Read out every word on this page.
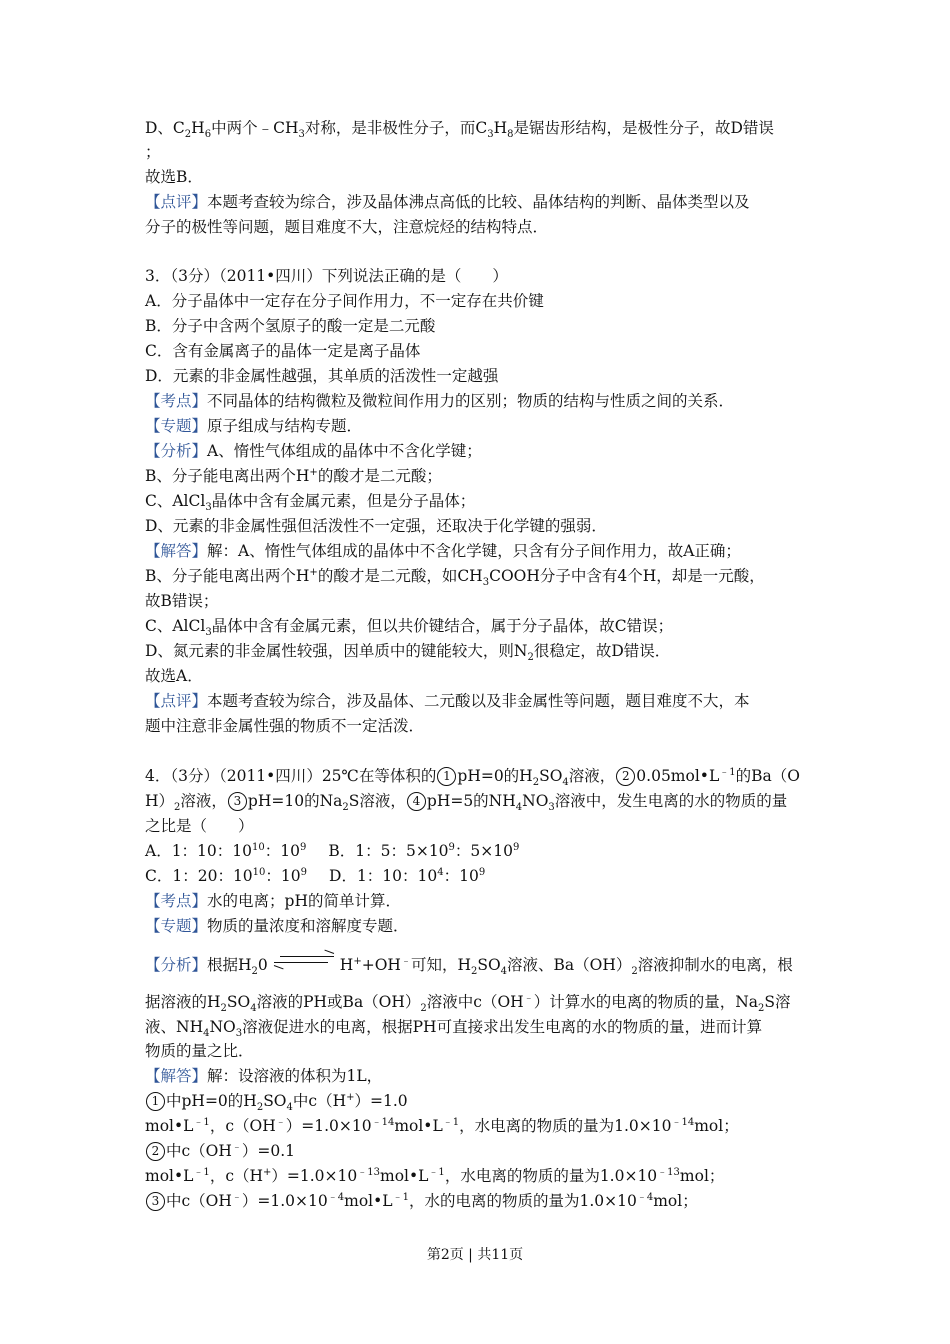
D、$C_2H_6$中两个$﹣CH_3$对称，是非极性分子，而$C_3H_8$是锯齿形结构，是极性分子，故D错误
；
故选B．
【点评】本题考查较为综合，涉及晶体沸点高低的比较、晶体结构的判断、晶体类型以及
分子的极性等问题，题目难度不大，注意烷烃的结构特点．
3．（3分）（2011•四川）下列说法正确的是（　　）
A．分子晶体中一定存在分子间作用力，不一定存在共价键
B．分子中含两个氢原子的酸一定是二元酸
C．含有金属离子的晶体一定是离子晶体
D．元素的非金属性越强，其单质的活泼性一定越强
【考点】不同晶体的结构微粒及微粒间作用力的区别；物质的结构与性质之间的关系．
【专题】原子组成与结构专题．
【分析】A、惰性气体组成的晶体中不含化学键；
B、分子能电离出两个H+的酸才是二元酸；
C、AlCl$_3$晶体中含有金属元素，但是分子晶体；
D、元素的非金属性强但活泼性不一定强，还取决于化学键的强弱．
【解答】解：A、惰性气体组成的晶体中不含化学键，只含有分子间作用力，故A正确；
B、分子能电离出两个H+的酸才是二元酸，如$CH_3COOH$分子中含有4个H，却是一元酸，
故B错误；
C、AlCl$_3$晶体中含有金属元素，但以共价键结合，属于分子晶体，故C错误；
D、氮元素的非金属性较强，因单质中的键能较大，则$N_2$很稳定，故D错误．
故选A．
【点评】本题考查较为综合，涉及晶体、二元酸以及非金属性等问题，题目难度不大，本
题中注意非金属性强的物质不一定活泼．
4．（3分）（2011•四川）25℃在等体积的 1 pH=0的$H_2SO_4$溶液， 2 $0.05mol•L^{﹣1}$的Ba（O
$H)_2$溶液， 3 pH=10的$Na_2S$溶液， 4 pH=5的$NH_4NO_3$溶液中，发生电离的水的物质的量
之比是（　　）
A．1：10：$10^{10}$：$10^9$ B．1：5：$5\times 10^9$：$5\times 10^9$
C．1：20：$10^{10}$：$10^9$ D．1：10：$10^4$：$10^9$
【考点】水的电离；pH的简单计算．
【专题】物质的量浓度和溶解度专题．
【分析】根据$H_20$ ⇌ H++OH﹣可知，$H_2SO_4$溶液、$Ba(OH)_2$溶液抑制水的电离，根
据溶液的$H_2SO_4$溶液的PH或$Ba(OH)_2$溶液中c（OH﹣）计算水的电离的物质的量，$Na_2S$溶
液、$NH_4NO_3$溶液促进水的电离，根据PH可直接求出发生电离的水的物质的量，进而计算
物质的量之比．
【解答】解：设溶液的体积为1L，
1 中pH=0的$H_2SO_4$中c（H+）=1.0
$mol•L^{﹣1}$，$c(OH^﹣)=1.0\times 10^{﹣14}mol•L^{﹣1}$，水电离的物质的量为$1.0\times 10^{﹣14}mol$；
2 中c（OH﹣）=0.1
$mol•L^{﹣1}$，$c(H^+)=1.0\times 10^{﹣13}mol•L^{﹣1}$，水电离的物质的量为$1.0\times 10^{﹣13}mol$；
3 中$c(OH^﹣)=1.0\times 10^{﹣4}mol•L^{﹣1}$，水的电离的物质的量为$1.0\times 10^{﹣4}mol$；
第2页 | 共11页
